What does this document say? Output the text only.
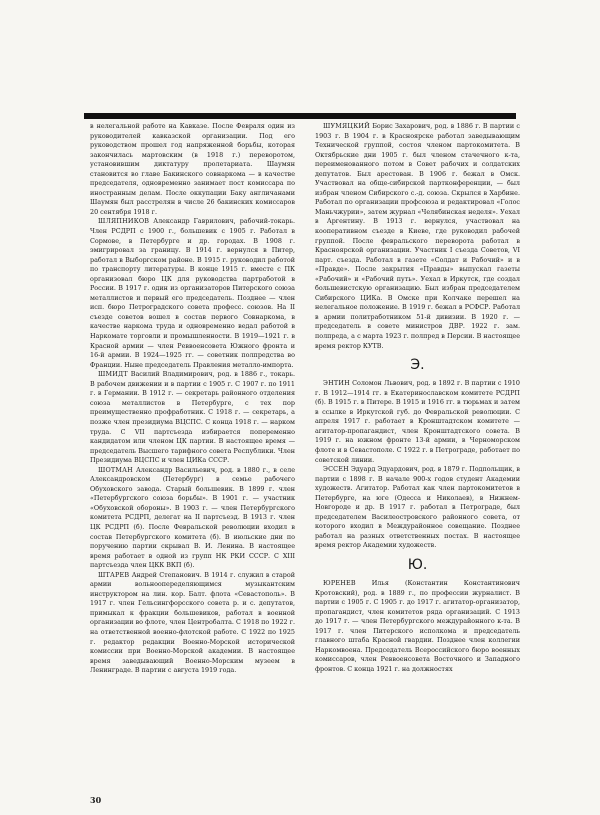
в нелегальной работе на Кавказе. После Февраля один из руководителей кавказской организации. Под его руководством прошел год напряженной борьбы, которая закончилась мартовским (в 1918 г.) переворотом, установившим диктатуру пролетариата. Шаумян становится во главе Бакинского совнаркома — в качестве председателя, одновременно занимает пост комиссара по иностранным делам. После оккупации Баку англичанами Шаумян был расстрелян в числе 26 бакинских комиссаров 20 сентября 1918 г.

ШЛЯПНИКОВ Александр Гаврилович, рабочий-токарь. Член РСДРП с 1900 г., большевик с 1905 г. Работал в Сормове, в Петербурге и др. городах. В 1908 г. эмигрировал за границу. В 1914 г. вернулся в Питер, работал в Выборгском районе. В 1915 г. руководил работой по транспорту литературы. В конце 1915 г. вместе с ПК организовал бюро ЦК для руководства партработой в России. В 1917 г. один из организаторов Питерского союза металлистов и первый его председатель. Позднее — член исп. бюро Петроградского совета професс. союзов. На II съезде советов вошел в состав первого Совнаркома, в качестве наркома труда и одновременно ведал работой в Наркомате торговли и промышленности. В 1919—1921 г. в Красной армии — член Реввоенсовета Южного фронта и 16-й армии. В 1924—1925 гг. — советник полпредства во Франции. Ныне председатель Правления металло-импорта.

ШМИДТ Василий Владимирович, род. в 1886 г., токарь. В рабочем движении и в партии с 1905 г. С 1907 г. по 1911 г. в Германии. В 1912 г. — секретарь районного отделения союза металлистов в Петербурге, с тех пор преимущественно профработник. С 1918 г. — секретарь, а позже член президиума ВЦСПС. С конца 1918 г. — нарком труда. С VII партсъезда избирается попеременно кандидатом или членом ЦК партии. В настоящее время — председатель Высшего тарифного совета Республики. Член Президиума ВЦСПС и член ЦИКа СССР.

ШОТМАН Александр Васильевич, род. в 1880 г., в селе Александровском (Петербург) в семье рабочего Обуховского завода. Старый большевик. В 1899 г. член «Петербургского союза борьбы». В 1901 г. — участник «Обуховской обороны». В 1903 г. — член Петербургского комитета РСДРП, делегат на II партсъезд. В 1913 г. член ЦК РСДРП (б). После Февральской революции входил в состав Петербургского комитета (б). В июльские дни по поручению партии скрывал В. И. Ленина. В настоящее время работает в одной из групп НК РКИ СССР. С XIII партсъезда член ЦКК ВКП (б).

ШТАРЕВ Андрей Степанович. В 1914 г. служил в старой армии вольноопеределяющимся музыкантским инструктором на лин. кор. Балт. флота «Севастополь». В 1917 г. член Гельсингфорсского совета р. и с. депутатов, примыкал к фракции большевиков, работал в военной организации во флоте, член Центробалта. С 1918 по 1922 г. на ответственной военно-флотской работе. С 1922 по 1925 г. редактор редакции Военно-Морской исторической комиссии при Военно-Морской академии. В настоящее время заведывающий Военно-Морским музеем в Ленинграде. В партии с августа 1919 года.

ШУМЯЦКИЙ Борис Захарович, род. в 1886 г. В партии с 1903 г. В 1904 г. в Красноярске работал заведывающим Технической группой, состоя членом партокомитета. В Октябрьские дни 1905 г. был членом стачечного к-та, переименованного потом в Совет рабочих и солдатских депутатов. Был арестован. В 1906 г. бежал в Омск. Участвовал на обще-сибирской партконференции, — был избран членом Сибирского с.-д. союза. Скрылся в Харбине. Работал по организации профсоюза и редактировал «Голос Маньчжурии», затем журнал «Челябинская неделя». Уехал в Аргентину. В 1913 г. вернулся, участвовал на кооперативном съезде в Киеве, где руководил рабочей группой. После февральского переворота работал в Красноярской организации. Участник I съезда Советов, VI парт. съезда. Работал в газете «Солдат и Рабочий» и в «Правде». После закрытия «Правды» выпускал газеты «Рабочий» и «Рабочий путь». Уехал в Иркутск, где создал большевистскую организацию. Был избран председателем Сибирского ЦИКа. В Омске при Колчаке перешел на нелегальное положение. В 1919 г. бежал в РСФСР. Работал в армии политработником 51-й дивизии. В 1920 г. — председатель в совете министров ДВР. 1922 г. зам. полпреда, а с марта 1923 г. полпред в Персии. В настоящее время ректор КУТВ.

Э.

ЭНТИН Соломон Львович, род. в 1892 г. В партии с 1910 г. В 1912—1914 гг. в Екатеринославском комитете РСДРП (б). В 1915 г. в Питере. В 1915 и 1916 гг. в тюрьмах и затем в ссылке в Иркутской губ. до Февральской революции. С апреля 1917 г. работает в Кронштадтском комитете — агитатор-пропагандист, член Кронштадтского совета. В 1919 г. на южном фронте 13-й армии, в Черноморском флоте и в Севастополе. С 1922 г. в Петрограде, работает по советской линии.

ЭССЕН Эдуард Эдуардович, род. в 1879 г. Подпольщик, в партии с 1898 г. В начале 900-х годов студент Академии художеств. Агитатор. Работал как член партокомитетов в Петербурге, на юге (Одесса и Николаев), в Нижнем-Новгороде и др. В 1917 г. работал в Петрограде, был председателем Василеостровского районного совета, от которого входил в Междурайонное совещание. Позднее работал на разных ответственных постах. В настоящее время ректор Академии художеств.

Ю.

ЮРЕНЕВ	Илья (Константин Константинович Кротовский), род. в 1889 г., по профессии журналист. В партии с 1905 г. С 1905 г. до 1917 г. агитатор-организатор, пропагандист, член комитетов ряда организаций. С 1913 до 1917 г. — член Петербургского междурайонного к-та. В 1917 г. член Питерского исполкома и председатель главного штаба Красной гвардии. Позднее член коллегии Наркомвоена. Председатель Всероссийского бюро военных комиссаров, член Реввоенсовета Восточного и Западного фронтов. С конца 1921 г. на должностях

30
